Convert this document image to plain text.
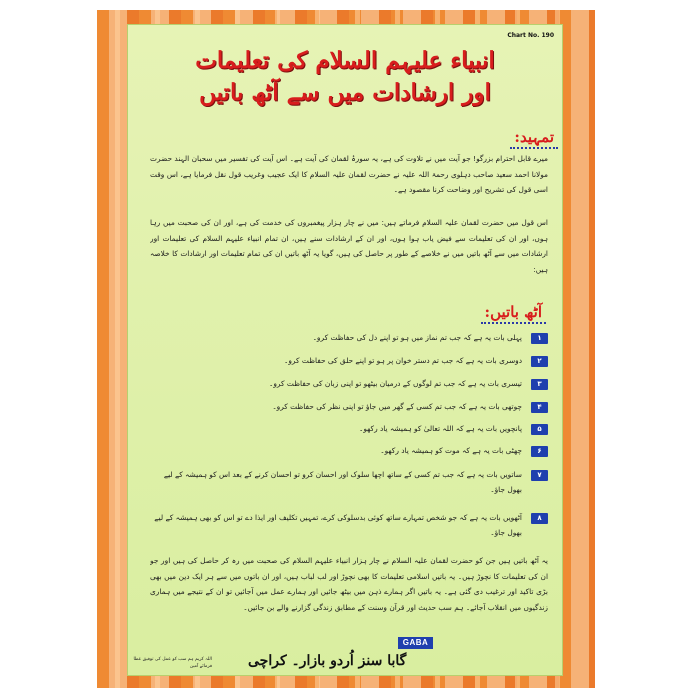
Chart No. 190
انبیاء علیہم السلام کی تعلیمات
اور ارشادات میں سے آٹھ باتیں
تمہید:
میرے قابل احترام بزرگو! جو آیت میں نے تلاوت کی ہے، یہ سورۂ لقمان کی آیت ہے۔ اس آیت کی تفسیر میں سحبان الہند حضرت مولانا احمد سعید صاحب دہلوی رحمۃ اللہ علیہ نے حضرت لقمان علیہ السلام کا ایک عجیب وغریب قول نقل فرمایا ہے، اس وقت اسی قول کی تشریح اور وضاحت کرنا مقصود ہے۔
اس قول میں حضرت لقمان علیہ السلام فرماتے ہیں: میں نے چار ہزار پیغمبروں کی خدمت کی ہے، اور ان کی صحبت میں رہا ہوں، اور ان کی تعلیمات سے فیض یاب ہوا ہوں، اور ان کے ارشادات سنے ہیں، ان تمام انبیاء علیہم السلام کی تعلیمات اور ارشادات میں سے آٹھ باتیں میں نے خلاصے کے طور پر حاصل کی ہیں، گویا یہ آٹھ باتیں ان کی تمام تعلیمات اور ارشادات کا خلاصہ ہیں:
آٹھ باتیں:
۱
پہلی بات یہ ہے کہ جب تم نماز میں ہو تو اپنے دل کی حفاظت کرو۔
۲
دوسری بات یہ ہے کہ جب تم دستر خوان پر ہو تو اپنے حلق کی حفاظت کرو۔
۳
تیسری بات یہ ہے کہ جب تم لوگوں کے درمیان بیٹھو تو اپنی زبان کی حفاظت کرو۔
۴
چوتھی بات یہ ہے کہ جب تم کسی کے گھر میں جاؤ تو اپنی نظر کی حفاظت کرو۔
۵
پانچویں بات یہ ہے کہ اللہ تعالیٰ کو ہمیشہ یاد رکھو۔
۶
چھٹی بات یہ ہے کہ موت کو ہمیشہ یاد رکھو۔
۷
ساتویں بات یہ ہے کہ جب تم کسی کے ساتھ اچھا سلوک اور احسان کرو تو احسان کرنے کے بعد اس کو ہمیشہ کے لیے بھول جاؤ۔
۸
آٹھویں بات یہ ہے کہ جو شخص تمہارے ساتھ کوئی بدسلوکی کرے، تمہیں تکلیف اور ایذا دے تو اس کو بھی ہمیشہ کے لیے بھول جاؤ۔
یہ آٹھ باتیں ہیں جن کو حضرت لقمان علیہ السلام نے چار ہزار انبیاء علیہم السلام کی صحبت میں رہ کر حاصل کی ہیں اور جو ان کی تعلیمات کا نچوڑ ہیں۔ یہ باتیں اسلامی تعلیمات کا بھی نچوڑ اور لب لباب ہیں، اور ان باتوں میں سے ہر ایک دین میں بھی بڑی تاکید اور ترغیب دی گئی ہے۔ یہ باتیں اگر ہمارے ذہن میں بیٹھ جائیں اور ہمارے عمل میں آجائیں تو ان کے نتیجے میں ہماری زندگیوں میں انقلاب آجائے۔ ہم سب حدیث اور قرآن وسنت کے مطابق زندگی گزارنے والے بن جائیں۔
اللہ کریم ہم سب کو عمل کی توفیق عطا فرمائے آمین
GABA
گابا سنز اُردو بازار۔ کراچی
